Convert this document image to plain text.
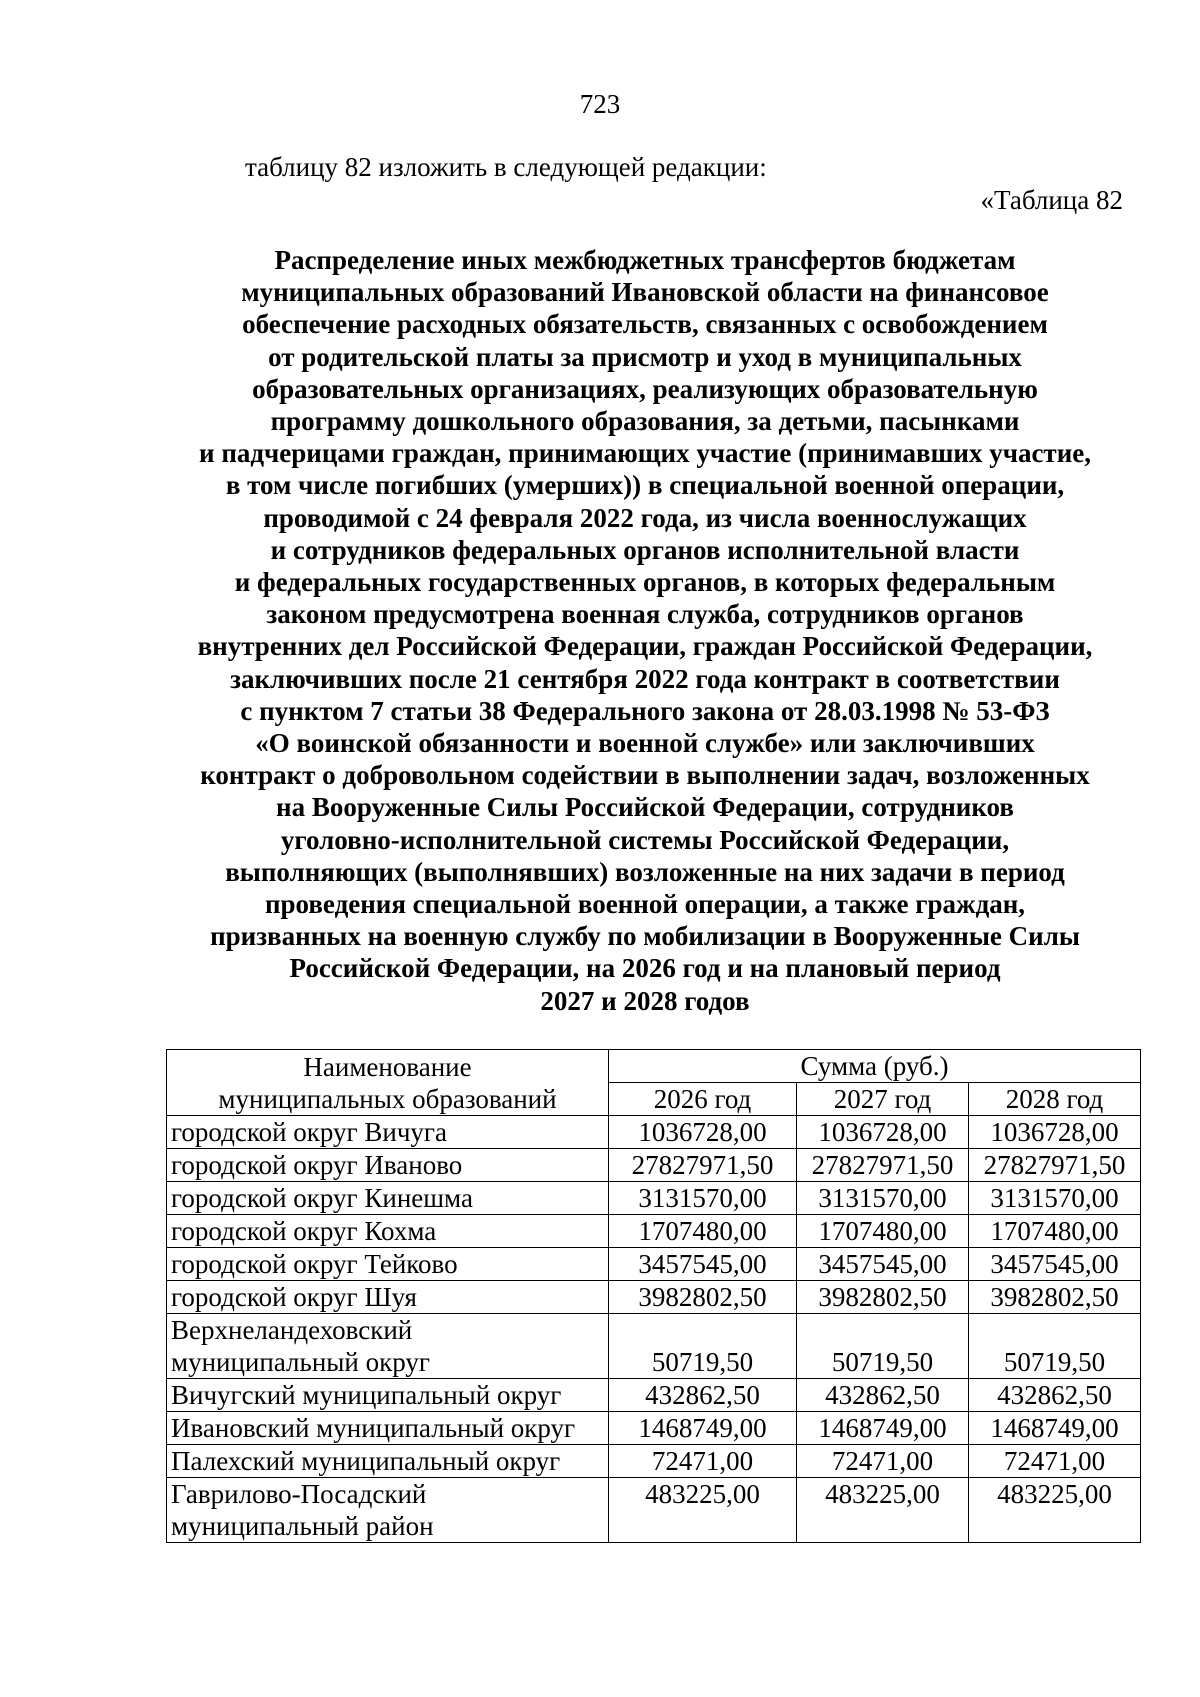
723
таблицу 82 изложить в следующей редакции:
«Таблица 82
Распределение иных межбюджетных трансфертов бюджетам
муниципальных образований Ивановской области на финансовое
обеспечение расходных обязательств, связанных с освобождением
от родительской платы за присмотр и уход в муниципальных
образовательных организациях, реализующих образовательную
программу дошкольного образования, за детьми, пасынками
и падчерицами граждан, принимающих участие (принимавших участие,
в том числе погибших (умерших)) в специальной военной операции,
проводимой с 24 февраля 2022 года, из числа военнослужащих
и сотрудников федеральных органов исполнительной власти
и федеральных государственных органов, в которых федеральным
законом предусмотрена военная служба, сотрудников органов
внутренних дел Российской Федерации, граждан Российской Федерации,
заключивших после 21 сентября 2022 года контракт в соответствии
с пунктом 7 статьи 38 Федерального закона от 28.03.1998 № 53-ФЗ
«О воинской обязанности и военной службе» или заключивших
контракт о добровольном содействии в выполнении задач, возложенных
на Вооруженные Силы Российской Федерации, сотрудников
уголовно-исполнительной системы Российской Федерации,
выполняющих (выполнявших) возложенные на них задачи в период
проведения специальной военной операции, а также граждан,
призванных на военную службу по мобилизации в Вооруженные Силы
Российской Федерации, на 2026 год и на плановый период
2027 и 2028 годов
Наименование
муниципальных образований	Сумма (руб.)		
	2026 год	2027 год	2028 год
городской округ Вичуга	1036728,00	1036728,00	1036728,00
городской округ Иваново	27827971,50	27827971,50	27827971,50
городской округ Кинешма	3131570,00	3131570,00	3131570,00
городской округ Кохма	1707480,00	1707480,00	1707480,00
городской округ Тейково	3457545,00	3457545,00	3457545,00
городской округ Шуя	3982802,50	3982802,50	3982802,50
Верхнеландеховский
муниципальный округ	50719,50	50719,50	50719,50
Вичугский муниципальный округ	432862,50	432862,50	432862,50
Ивановский муниципальный округ	1468749,00	1468749,00	1468749,00
Палехский муниципальный округ	72471,00	72471,00	72471,00
Гаврилово-Посадский
муниципальный район	483225,00	483225,00	483225,00
